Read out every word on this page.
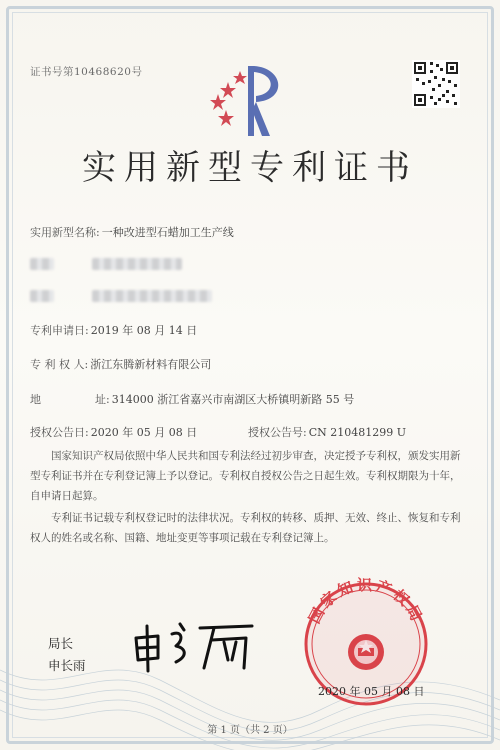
证书号第10468620号
实用新型专利证书
实用新型名称: 一种改进型石蜡加工生产线
专利申请日: 2019 年 08 月 14 日
专 利 权 人: 浙江东腾新材料有限公司
地	址: 314000 浙江省嘉兴市南湖区大桥镇明新路 55 号
授权公告日: 2020 年 05 月 08 日	授权公告号: CN 210481299 U
国家知识产权局依照中华人民共和国专利法经过初步审查，决定授予专利权，颁发实用新型专利证书并在专利登记簿上予以登记。专利权自授权公告之日起生效。专利权期限为十年，自申请日起算。
专利证书记载专利权登记时的法律状况。专利权的转移、质押、无效、终止、恢复和专利权人的姓名或名称、国籍、地址变更等事项记载在专利登记簿上。
局长
申长雨
国家知识产权局
2020 年 05 月 08 日
第 1 页（共 2 页）
